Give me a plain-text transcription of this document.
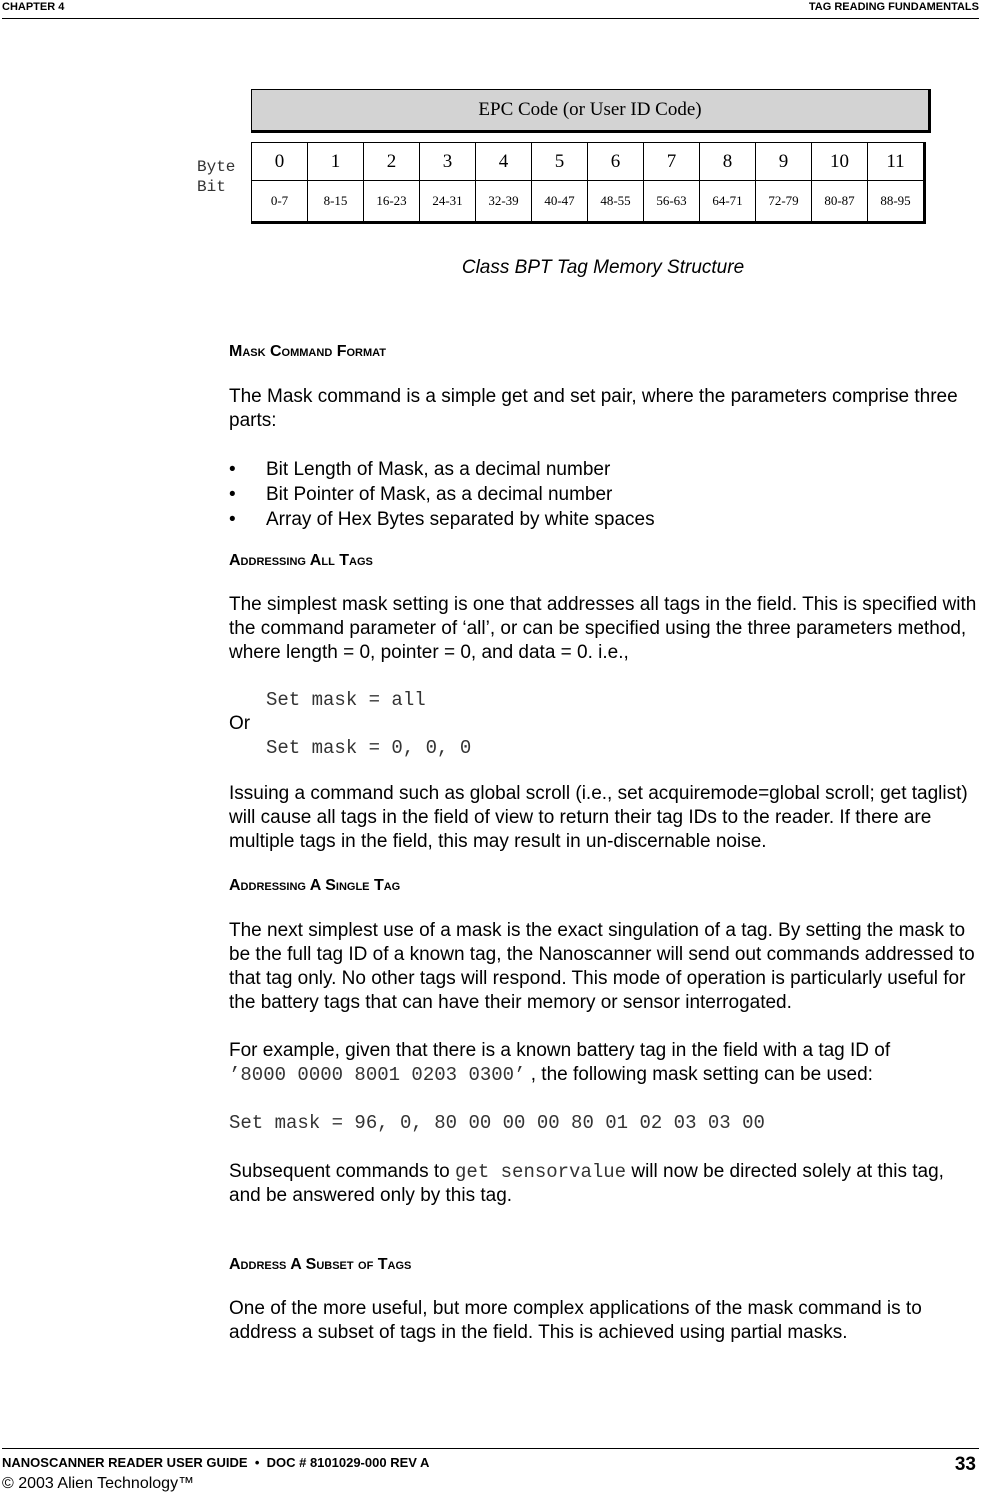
CHAPTER 4	TAG READING FUNDAMENTALS
EPC Code (or User ID Code)
Byte
Bit
0	1	2	3	4	5	6	7	8	9	10	11
0-7	8-15	16-23	24-31	32-39	40-47	48-55	56-63	64-71	72-79	80-87	88-95
Class BPT Tag Memory Structure

Mask Command Format

The Mask command is a simple get and set pair, where the parameters comprise three parts:

• Bit Length of Mask, as a decimal number
• Bit Pointer of Mask, as a decimal number
• Array of Hex Bytes separated by white spaces

Addressing All Tags

The simplest mask setting is one that addresses all tags in the field. This is specified with the command parameter of ‘all’, or can be specified using the three parameters method, where length = 0, pointer = 0, and data = 0. i.e.,

Set mask = all

Or

Set mask = 0, 0, 0

Issuing a command such as global scroll (i.e., set acquiremode=global scroll; get taglist) will cause all tags in the field of view to return their tag IDs to the reader. If there are multiple tags in the field, this may result in un-discernable noise.

Addressing A Single Tag

The next simplest use of a mask is the exact singulation of a tag. By setting the mask to be the full tag ID of a known tag, the Nanoscanner will send out commands addressed to that tag only. No other tags will respond. This mode of operation is particularly useful for the battery tags that can have their memory or sensor interrogated.

For example, given that there is a known battery tag in the field with a tag ID of
’8000 0000 8001 0203 0300’ , the following mask setting can be used:

Set mask = 96, 0, 80 00 00 00 80 01 02 03 03 00

Subsequent commands to get sensorvalue will now be directed solely at this tag, and be answered only by this tag.

Address A Subset of Tags

One of the more useful, but more complex applications of the mask command is to address a subset of tags in the field. This is achieved using partial masks.

NANOSCANNER READER USER GUIDE • DOC # 8101029-000 REV A
© 2003 Alien Technology™
33
